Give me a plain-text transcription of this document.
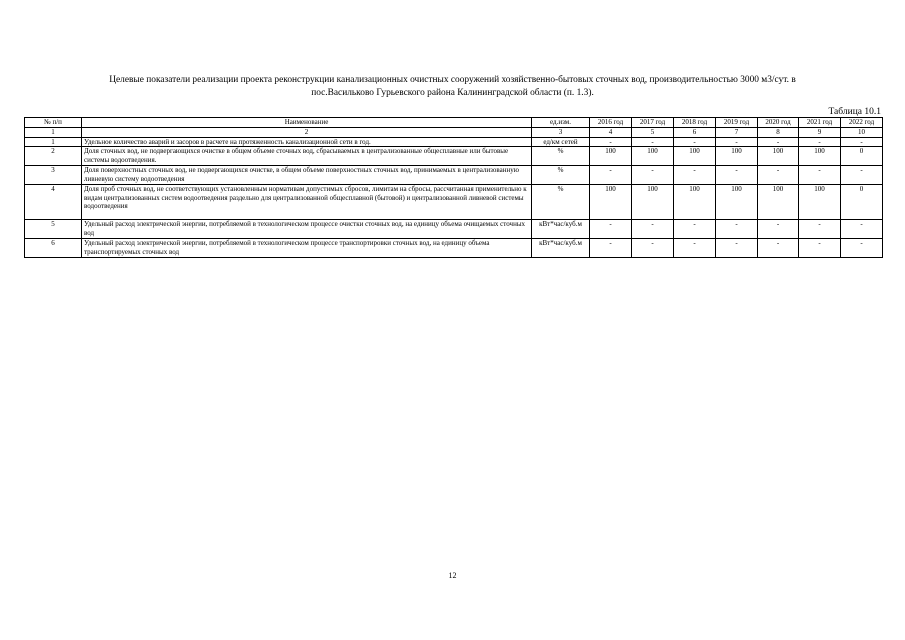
Целевые показатели реализации проекта реконструкции канализационных очистных сооружений хозяйственно-бытовых сточных вод, производительностью 3000 м3/сут. в
пос.Васильково Гурьевского района Калининградской области (п. 1.3).
Таблица 10.1
№ п/п	Наименование	ед.изм.	2016 год	2017 год	2018 год	2019 год	2020 год	2021 год	2022 год
1	2	3	4	5	6	7	8	9	10
1	Удельное количество аварий и засоров в расчете на протяженность канализационной сети в год.	ед/км сетей	-	-	-	-	-	-	-
2	Доля сточных вод, не подвергающихся очистке в общем объеме сточных вод, сбрасываемых в централизованные общесплавные или бытовые системы водоотведения.	%	100	100	100	100	100	100	0
3	Доля поверхностных сточных вод, не подвергающихся очистке, в общем объеме поверхностных сточных вод, принимаемых в централизованную ливневую систему водоотведения	%	-	-	-	-	-	-	-
4	Доля проб сточных вод, не соответствующих установленным нормативам допустимых сбросов, лимитам на сбросы, рассчитанная применительно к видам централизованных систем водоотведения раздельно для централизованной общесплавной (бытовой) и централизованной ливневой системы водоотведения	%	100	100	100	100	100	100	0
5	Удельный расход электрической энергии, потребляемой в технологическом процессе очистки сточных вод, на единицу объема очищаемых сточных вод	кВт*час/куб.м	-	-	-	-	-	-	-
6	Удельный расход электрической энергии, потребляемой в технологическом процессе транспортировки сточных вод, на единицу объема транспортируемых сточных вод	кВт*час/куб.м	-	-	-	-	-	-	-
12
